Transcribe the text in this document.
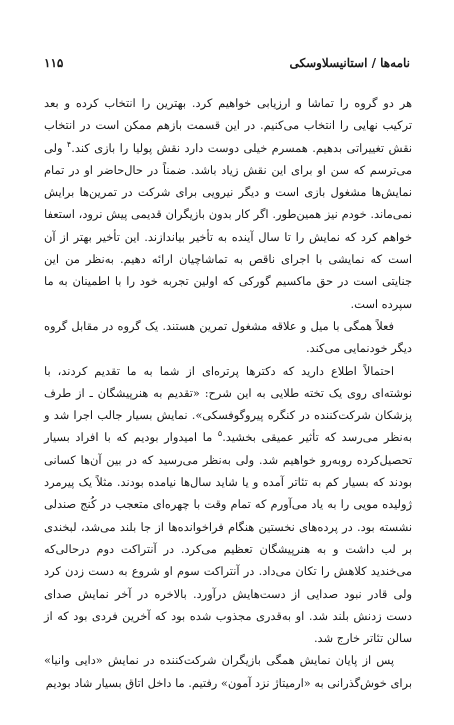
نامه‌ها / استانیسلاوسکی
۱۱۵

هر دو گروه را تماشا و ارزیابی خواهیم کرد. بهترین را انتخاب کرده و بعد ترکیب نهایی را انتخاب می‌کنیم. در این قسمت بازهم ممکن است در انتخاب نقش تغییراتی بدهیم. همسرم خیلی دوست دارد نقش پولیا را بازی کند.$^۴$ ولی می‌ترسم که سن او برای این نقش زیاد باشد. ضمناً در حال‌حاضر او در تمام نمایش‌ها مشغول بازی است و دیگر نیرویی برای شرکت در تمرین‌ها برایش نمی‌ماند. خودم نیز همین‌طور. اگر کار بدون بازیگران قدیمی پیش نرود، استعفا خواهم کرد که نمایش را تا سال آینده به تأخیر بیاندازند. این تأخیر بهتر از آن است که نمایشی با اجرای ناقص به تماشاچیان ارائه دهیم. به‌نظر من این جنایتی است در حق ماکسیم گورکی که اولین تجربه خود را با اطمینان به ما سپرده است.

فعلاً همگی با میل و علاقه مشغول تمرین هستند. یک گروه در مقابل گروه دیگر خودنمایی می‌کند.

احتمالاً اطلاع دارید که دکترها پرتره‌ای از شما به ما تقدیم کردند، با نوشته‌ای روی یک تخته طلایی به این شرح: «تقدیم به هنرپیشگان ـ از طرف پزشکان شرکت‌کننده در کنگره پیروگوفسکی». نمایش بسیار جالب اجرا شد و به‌نظر می‌رسد که تأثیر عمیقی بخشید.$^۵$ ما امیدوار بودیم که با افراد بسیار تحصیل‌کرده روبه‌رو خواهیم شد. ولی به‌نظر می‌رسید که در بین آن‌ها کسانی بودند که بسیار کم به تئاتر آمده و یا شاید سال‌ها نیامده بودند. مثلاً یک پیرمرد ژولیده مویی را به یاد می‌آورم که تمام وقت با چهره‌ای متعجب در کُنج صندلی نشسته بود. در پرده‌های نخستین هنگام فراخوانده‌ها از جا بلند می‌شد، لبخندی بر لب داشت و به هنرپیشگان تعظیم می‌کرد. در آنتراکت دوم درحالی‌که می‌خندید کلاهش را تکان می‌داد. در آنتراکت سوم او شروع به دست زدن کرد ولی قادر نبود صدایی از دست‌هایش درآورد. بالاخره در آخر نمایش صدای دست زدنش بلند شد. او به‌قدری مجذوب شده بود که آخرین فردی بود که از سالن تئاتر خارج شد.

پس از پایان نمایش همگی بازیگران شرکت‌کننده در نمایش «دایی وانیا» برای خوش‌گذرانی به «ارمیتاژ نزد آمون» رفتیم. ما داخل اتاق بسیار شاد بودیم
